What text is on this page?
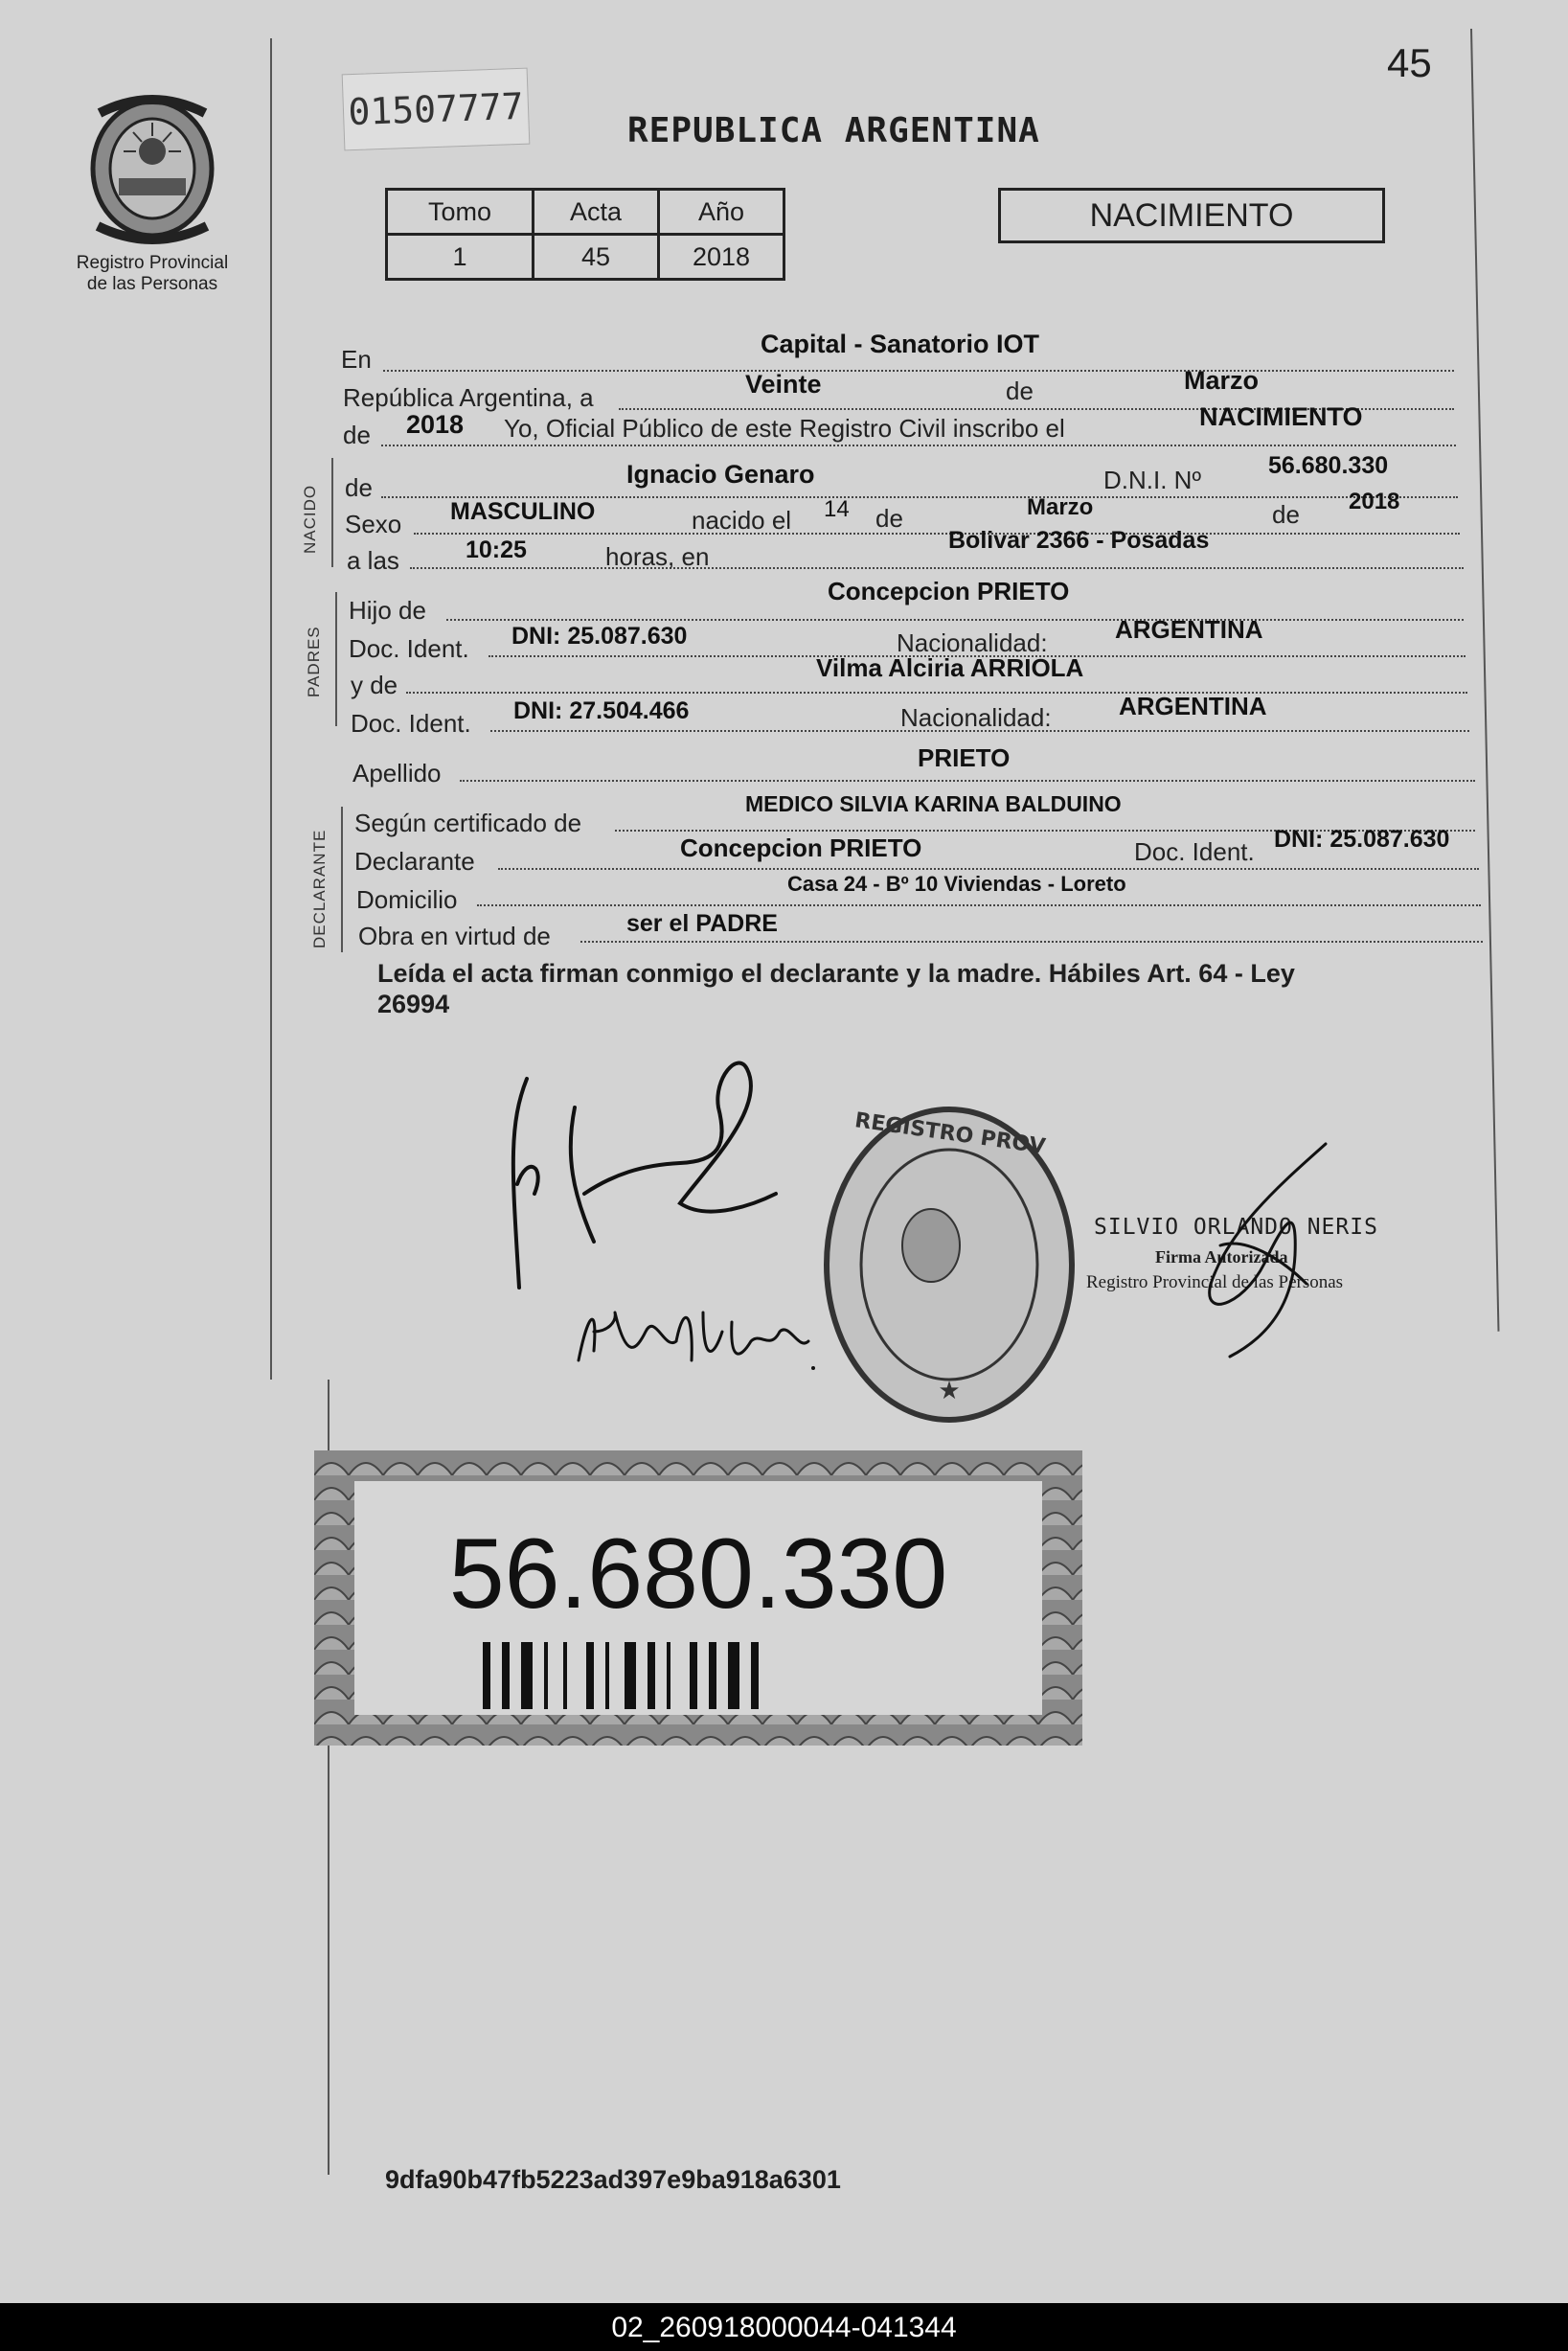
45
Registro Provincial
de las Personas
01507777	REPUBLICA ARGENTINA
Tomo	Acta	Año
1	45	2018
NACIMIENTO
En
Capital - Sanatorio IOT
República Argentina, a	Veinte	de	Marzo
de 2018 Yo, Oficial Público de este Registro Civil inscribo el	NACIMIENTO
NACIDO de	Ignacio Genaro	D.N.I. Nº	56.680.330
Sexo MASCULINO	nacido el 14 de	Marzo	de 2018
a las	10:25	horas, en
Bolivar 2366 - Posadas
PADRES
Hijo de
Concepcion PRIETO
Doc. Ident. DNI: 25.087.630	Nacionalidad:	ARGENTINA
y de
Vilma Alciria ARRIOLA
Doc. Ident. DNI: 27.504.466	Nacionalidad:	ARGENTINA
Apellido
PRIETO
DECLARANTE
Según certificado de
MEDICO SILVIA KARINA BALDUINO
Declarante	Concepcion PRIETO	Doc. Ident. DNI: 25.087.630
Domicilio
Casa 24 - Bº 10 Viviendas - Loreto
Obra en virtud de	ser el PADRE
Leída el acta firman conmigo el declarante y la madre. Hábiles Art. 64 - Ley
26994
REGISTRO PROV
★
SILVIO ORLANDO NERIS
Firma Autorizada
Registro Provincial de las Personas
56.680.330
9dfa90b47fb5223ad397e9ba918a6301
02_260918000044-041344
